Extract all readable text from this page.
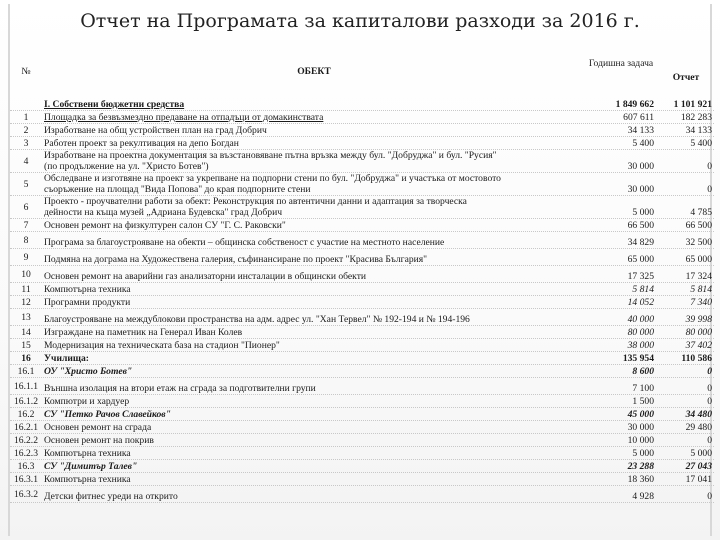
Отчет на Програмата за капиталови разходи за 2016 г.
№	ОБЕКТ
Годишна задача
Отчет
I. Собствени бюджетни средства	1 849 662	1 101 921
1	Площадка за безвъзмездно предаване на отпадъци от домакинствата	607 611	182 283
2	Изработване на общ устройствен план на град Добрич	34 133	34 133
3	Работен проект за рекултивация на депо Богдан	5 400	5 400
4	Изработване на проектна документация за възстановяване пътна връзка между бул. "Добруджа" и бул. "Русия"
(по продължение на ул. "Христо Ботев")	30 000	0
5	Обследване и изготвяне на проект за укрепване на подпорни стени по бул. "Добруджа" и участъка от мостовото
съоръжение на площад "Вида Попова" до края подпорните стени	30 000	0
6	Проекто - проучвателни работи за обект: Реконструкция по автентични данни и адаптация за творческа
дейности на къща музей „Адриана Будевска" град Добрич	5 000	4 785
7	Основен ремонт на физкултурен салон СУ "Г. С. Раковски"	66 500	66 500
8	Програма за благоустрояване на обекти – общинска собственост с участие на местното население	34 829	32 500
9	Подмяна на дограма на Художествена галерия, съфинансиране по проект "Красива България"	65 000	65 000
10	Основен ремонт на аварийни газ анализаторни инсталации в общински обекти	17 325	17 324
11	Компютърна техника	5 814	5 814
12	Програмни продукти	14 052	7 340
13	Благоустрояване на междублокови пространства на адм. адрес ул. "Хан Тервел" № 192-194 и № 194-196	40 000	39 998
14	Изграждане на паметник на Генерал Иван Колев	80 000	80 000
15	Модернизация на техническата база на стадион "Пионер"	38 000	37 402
16	Училища:	135 954	110 586
16.1	ОУ "Христо Ботев"	8 600	0
16.1.1 Външна изолация на втори етаж на сграда за подготвителни групи	7 100	0
16.1.2 Компютри и хардуер	1 500	0
16.2	СУ "Петко Рачов Славейков"	45 000	34 480
16.2.1 Основен ремонт на сграда	30 000	29 480
16.2.2 Основен ремонт на покрив	10 000	0
16.2.3 Компютърна техника	5 000	5 000
16.3	СУ "Димитър Талев"	23 288	27 043
16.3.1 Компютърна техника	18 360	17 041
16.3.2 Детски фитнес уреди на открито	4 928	0
